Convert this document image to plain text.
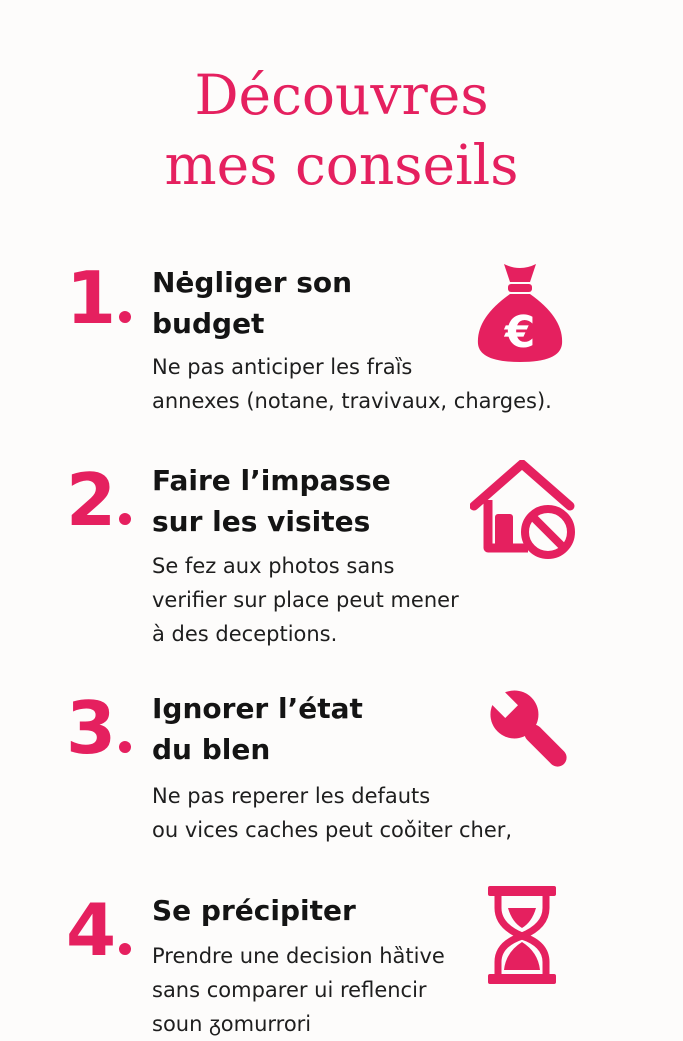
Découvres
mes conseils
1	Nėgliger son
budget
Ne pas anticiper les fraȉs
annexes (notane, travivaux, charges).
€
2	Faire l’impasse
sur les visites
Se fez aux photos sans
verifier sur place peut mener
à des deceptions.
3	Ignorer l’état
du blen
Ne pas reperer les defauts
ou vices caches peut coǒiter cher,
4	Se précipiter
Prendre une decision hȁtive
sans comparer ui reflencir
soun ᵹomurrori
